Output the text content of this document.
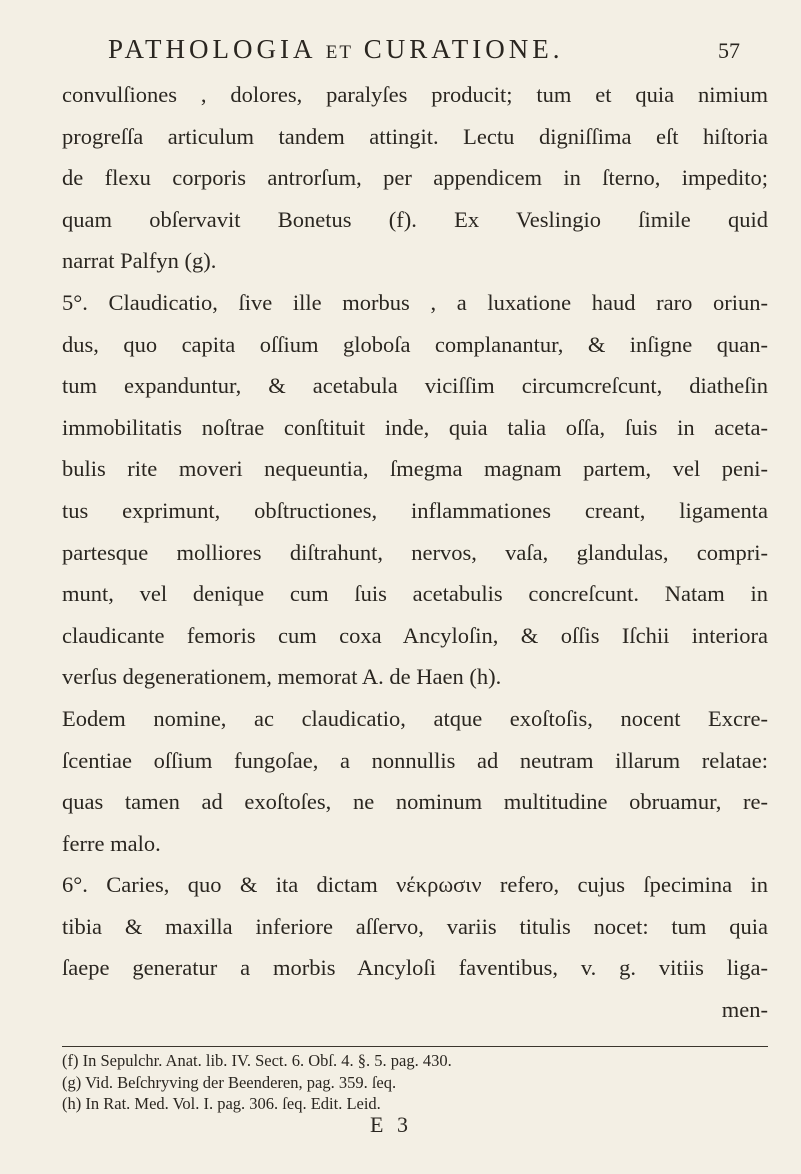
PATHOLOGIA ET CURATIONE.	57
convulſiones , dolores, paralyſes producit; tum et quia nimium
progreſſa articulum tandem attingit. Lectu digniſſima eſt hiſtoria
de flexu corporis antrorſum, per appendicem in ſterno, impedito;
quam obſervavit Bonetus (f). Ex Veslingio ſimile quid
narrat Palfyn (g).
5°. Claudicatio, ſive ille morbus , a luxatione haud raro oriun-
dus, quo capita oſſium globoſa complanantur, & inſigne quan-
tum expanduntur, & acetabula viciſſim circumcreſcunt, diatheſin
immobilitatis noſtrae conſtituit inde, quia talia oſſa, ſuis in aceta-
bulis rite moveri nequeuntia, ſmegma magnam partem, vel peni-
tus exprimunt, obſtructiones, inflammationes creant, ligamenta
partesque molliores diſtrahunt, nervos, vaſa, glandulas, compri-
munt, vel denique cum ſuis acetabulis concreſcunt. Natam in
claudicante femoris cum coxa Ancyloſin, & oſſis Iſchii interiora
verſus degenerationem, memorat A. de Haen (h).
Eodem nomine, ac claudicatio, atque exoſtoſis, nocent Excre-
ſcentiae oſſium fungoſae, a nonnullis ad neutram illarum relatae:
quas tamen ad exoſtoſes, ne nominum multitudine obruamur, re-
ferre malo.
6°. Caries, quo & ita dictam νέκρωσιν refero, cujus ſpecimina in
tibia & maxilla inferiore aſſervo, variis titulis nocet: tum quia
ſaepe generatur a morbis Ancyloſi faventibus, v. g. vitiis liga-
men-
(f) In Sepulchr. Anat. lib. IV. Sect. 6. Obſ. 4. §. 5. pag. 430.
(g) Vid. Beſchryving der Beenderen, pag. 359. ſeq.
(h) In Rat. Med. Vol. I. pag. 306. ſeq. Edit. Leid.
E 3
